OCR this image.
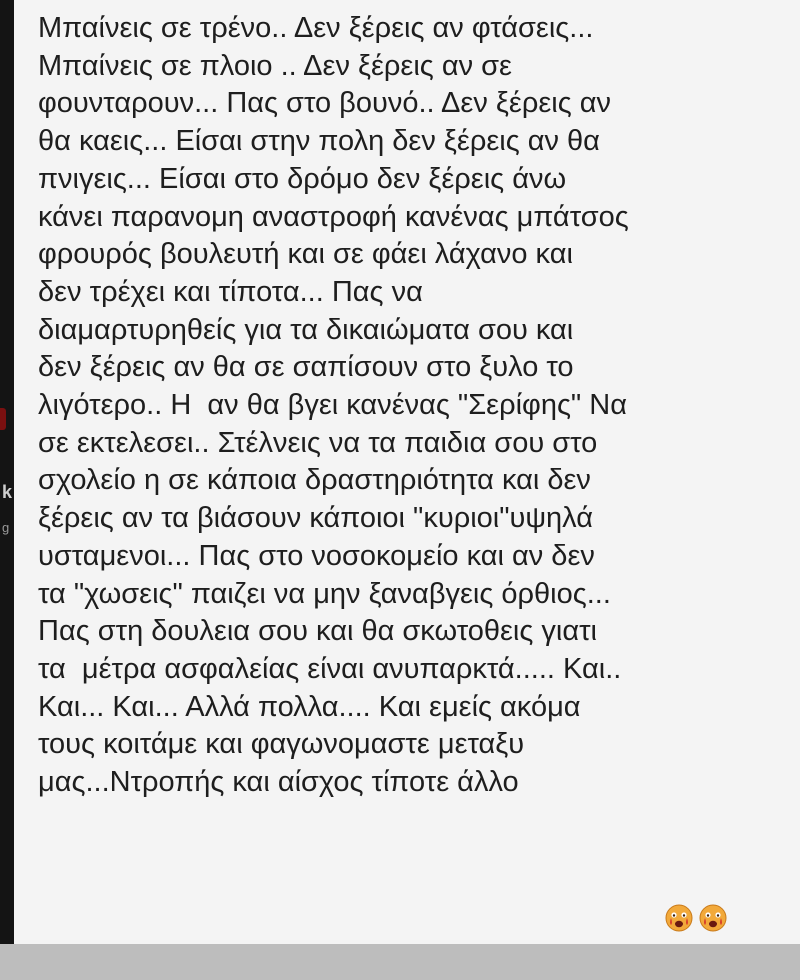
k
g
Μπαίνεις σε τρένο.. Δεν ξέρεις αν φτάσεις...
Μπαίνεις σε πλοιο .. Δεν ξέρεις αν σε
φουνταρουν... Πας στο βουνό.. Δεν ξέρεις αν
θα καεις... Είσαι στην πολη δεν ξέρεις αν θα
πνιγεις... Είσαι στο δρόμο δεν ξέρεις άνω
κάνει παρανομη αναστροφή κανένας μπάτσος
φρουρός βουλευτή και σε φάει λάχανο και
δεν τρέχει και τίποτα... Πας να
διαμαρτυρηθείς για τα δικαιώματα σου και
δεν ξέρεις αν θα σε σαπίσουν στο ξυλο το
λιγότερο.. Η  αν θα βγει κανένας "Σερίφης" Να
σε εκτελεσει.. Στέλνεις να τα παιδια σου στο
σχολείο η σε κάποια δραστηριότητα και δεν
ξέρεις αν τα βιάσουν κάποιοι "κυριοι"υψηλά
υσταμενοι... Πας στο νοσοκομείο και αν δεν
τα "χωσεις" παιζει να μην ξαναβγεις όρθιος...
Πας στη δουλεια σου και θα σκωτοθεις γιατι
τα  μέτρα ασφαλείας είναι ανυπαρκτά..... Και..
Και... Και... Αλλά πολλα.... Και εμείς ακόμα
τους κοιτάμε και φαγωνομαστε μεταξυ
μας...Ντροπής και αίσχος τίποτε άλλο
